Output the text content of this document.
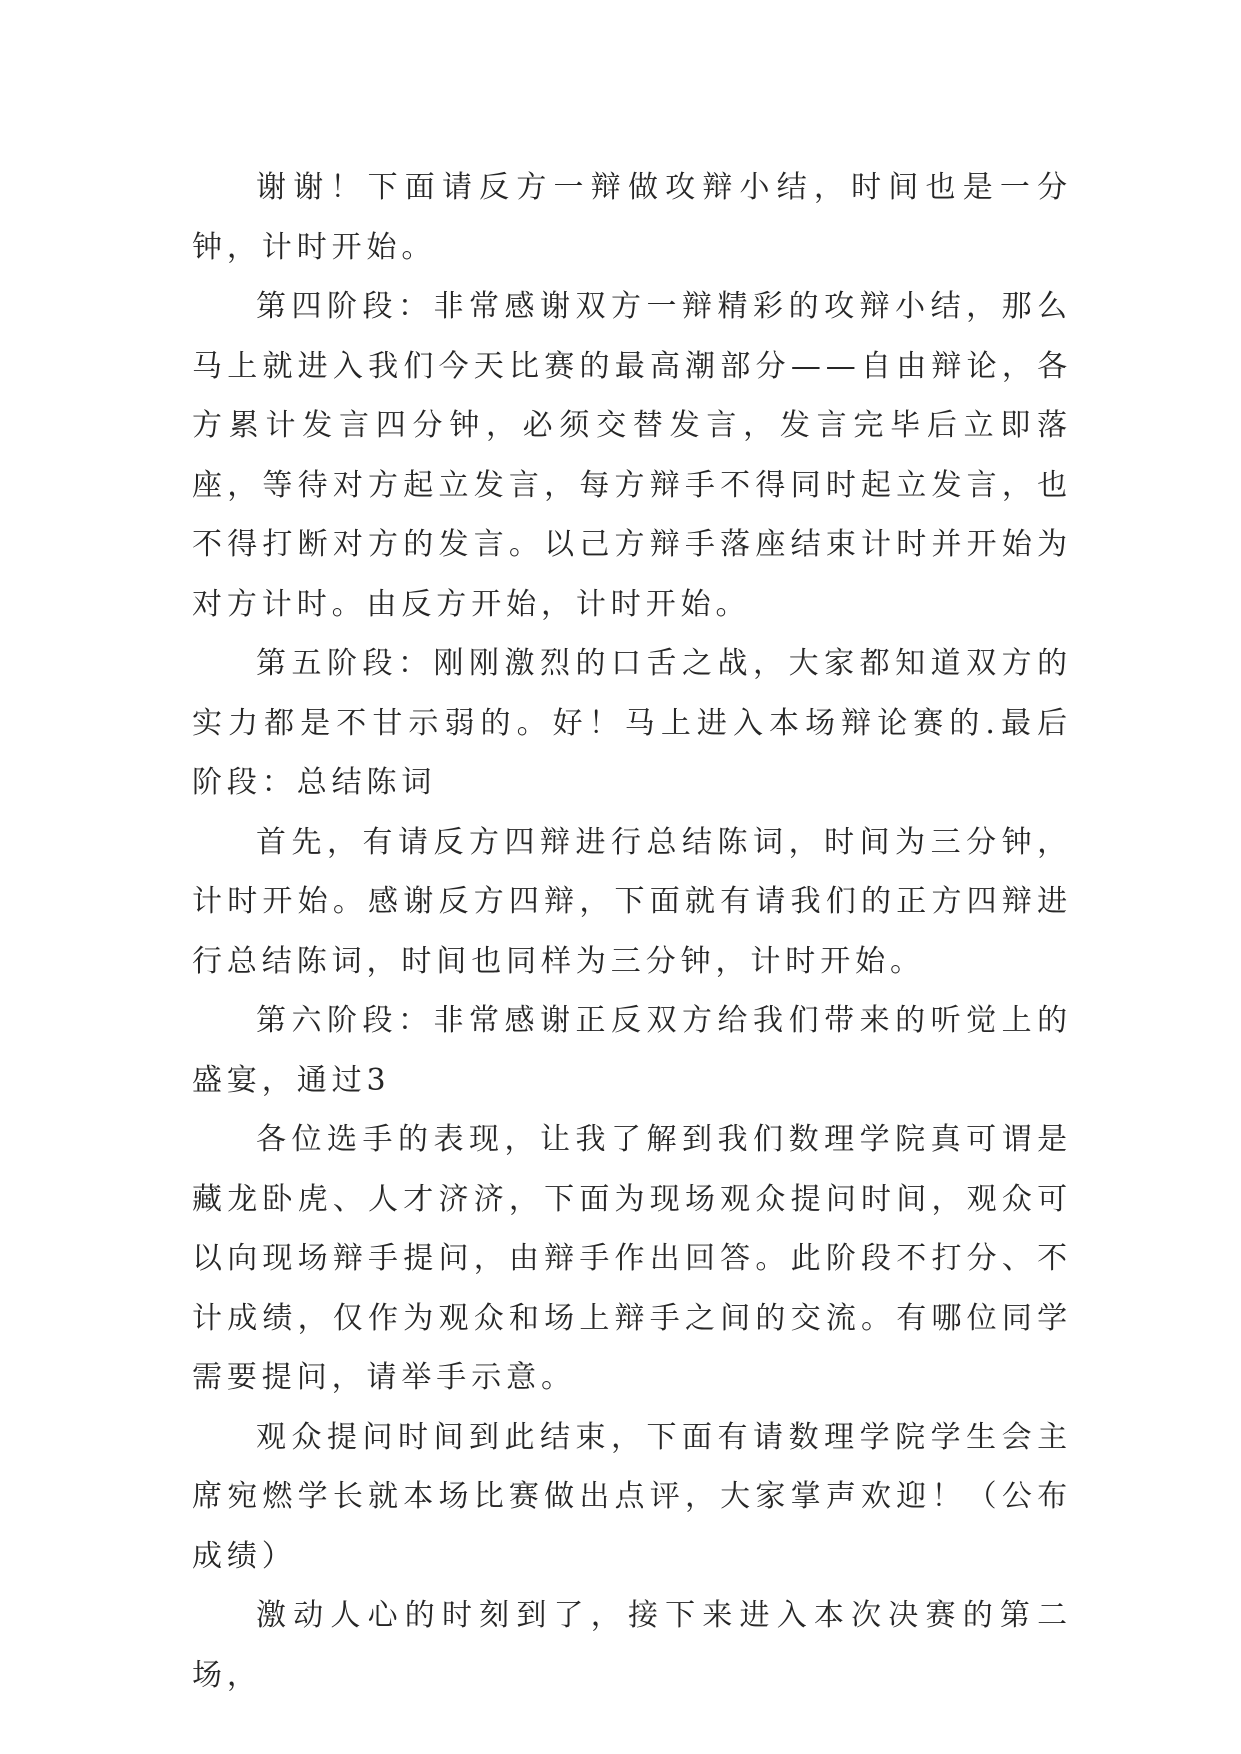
谢谢！下面请反方一辩做攻辩小结，时间也是一分钟，计时开始。

第四阶段：非常感谢双方一辩精彩的攻辩小结，那么马上就进入我们今天比赛的最高潮部分——自由辩论，各方累计发言四分钟，必须交替发言，发言完毕后立即落座，等待对方起立发言，每方辩手不得同时起立发言，也不得打断对方的发言。以己方辩手落座结束计时并开始为对方计时。由反方开始，计时开始。

第五阶段：刚刚激烈的口舌之战，大家都知道双方的实力都是不甘示弱的。好！马上进入本场辩论赛的.最后阶段：总结陈词

首先，有请反方四辩进行总结陈词，时间为三分钟，计时开始。感谢反方四辩，下面就有请我们的正方四辩进行总结陈词，时间也同样为三分钟，计时开始。

第六阶段：非常感谢正反双方给我们带来的听觉上的盛宴，通过3

各位选手的表现，让我了解到我们数理学院真可谓是藏龙卧虎、人才济济，下面为现场观众提问时间，观众可以向现场辩手提问，由辩手作出回答。此阶段不打分、不计成绩，仅作为观众和场上辩手之间的交流。有哪位同学需要提问，请举手示意。

观众提问时间到此结束，下面有请数理学院学生会主席宛燃学长就本场比赛做出点评，大家掌声欢迎！（公布成绩）

激动人心的时刻到了，接下来进入本次决赛的第二场，
